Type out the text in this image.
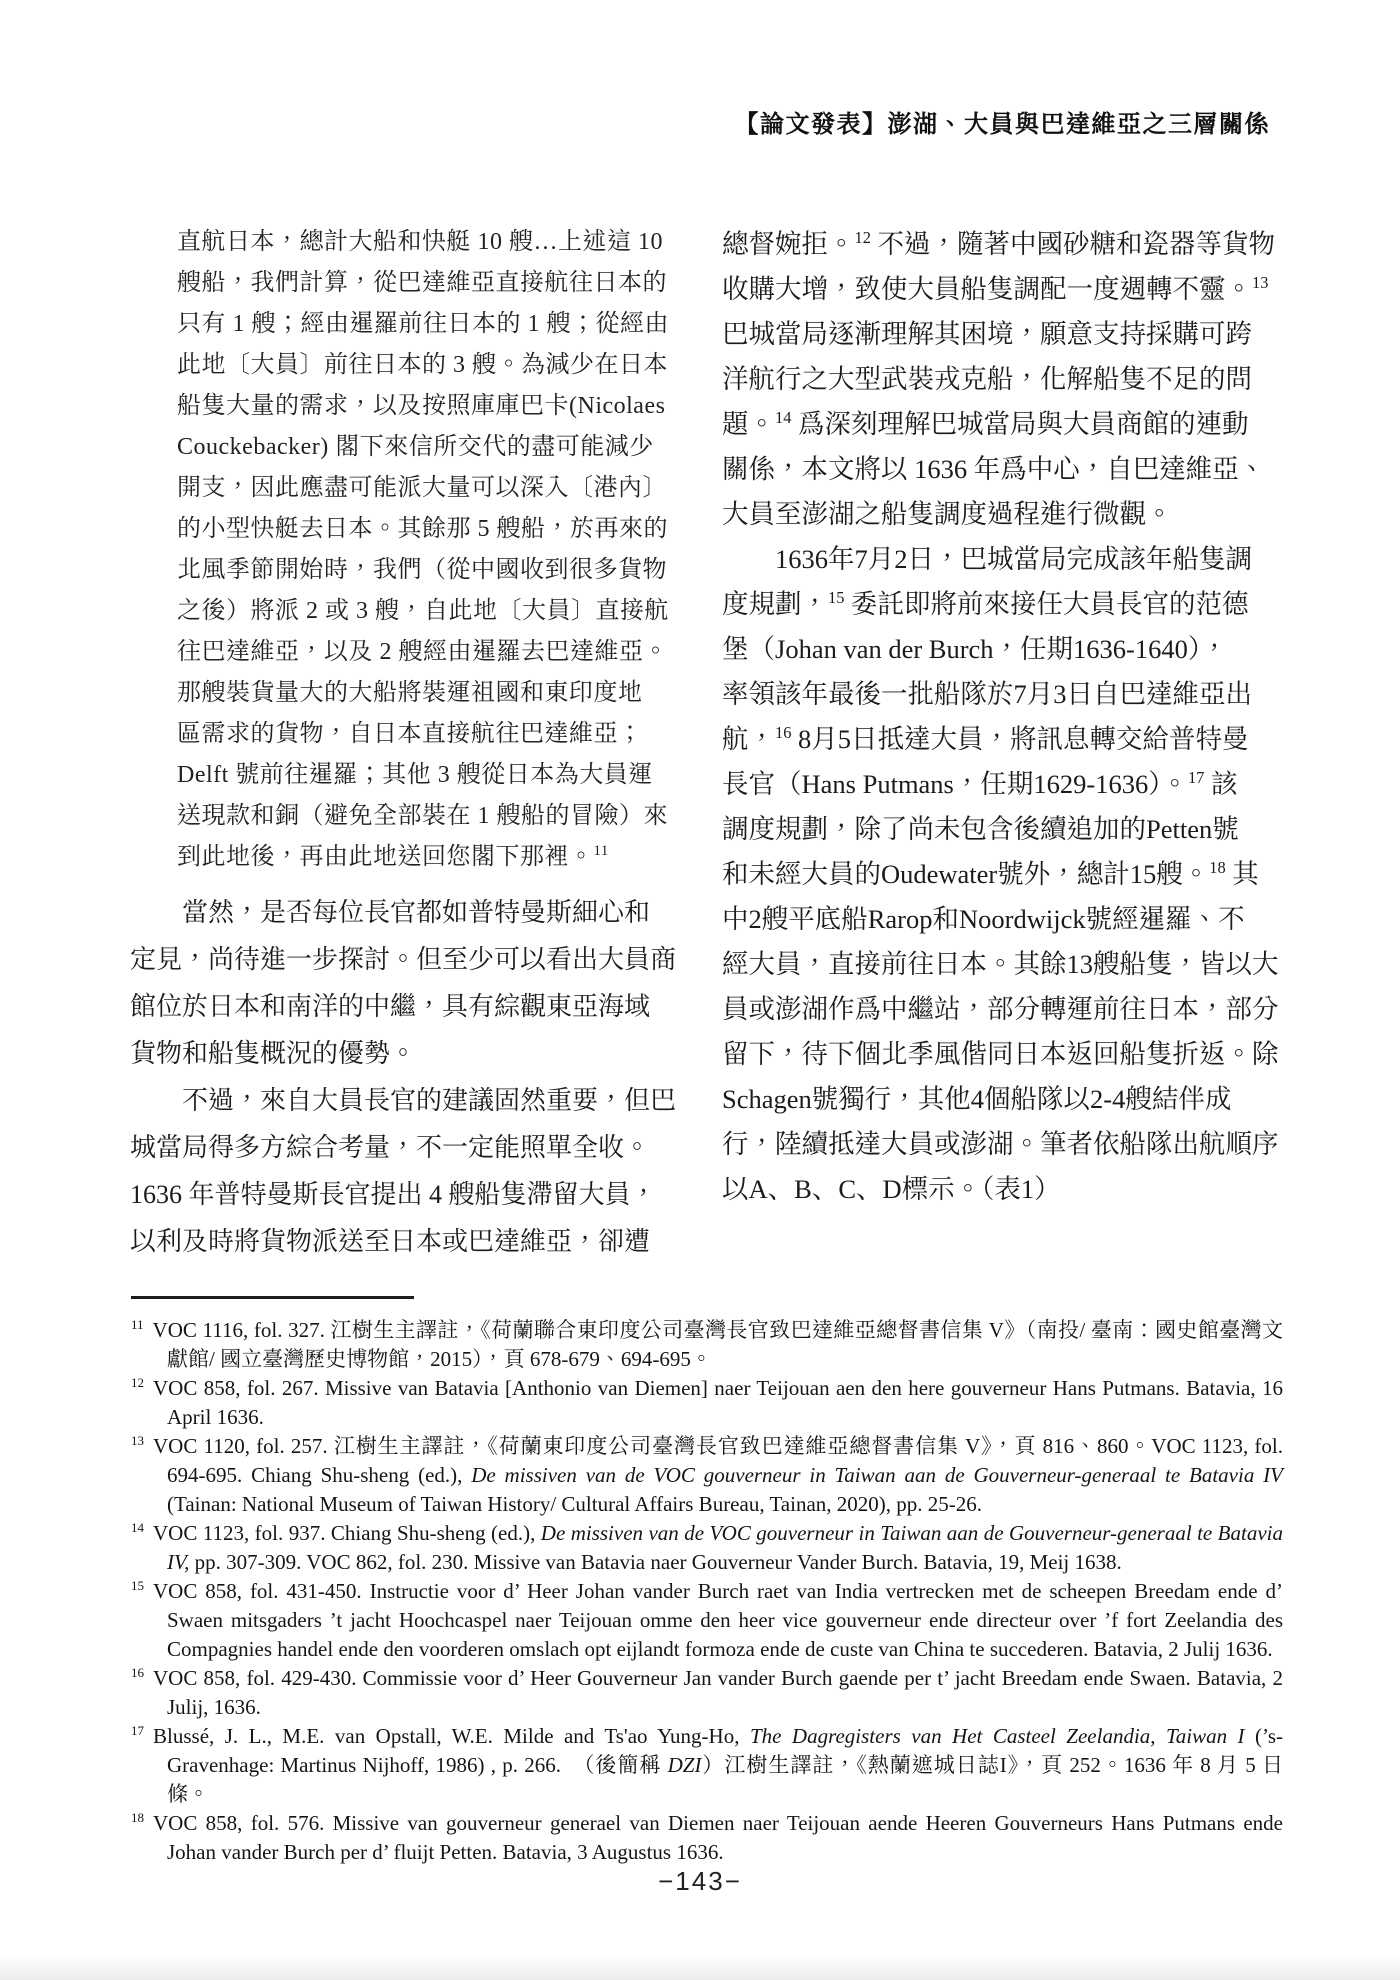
【論文發表】澎湖、大員與巴達維亞之三層關係
直航日本，總計大船和快艇 10 艘…上述這 10
艘船，我們計算，從巴達維亞直接航往日本的
只有 1 艘；經由暹羅前往日本的 1 艘；從經由
此地〔大員〕前往日本的 3 艘。為減少在日本
船隻大量的需求，以及按照庫庫巴卡(Nicolaes
Couckebacker) 閣下來信所交代的盡可能減少
開支，因此應盡可能派大量可以深入〔港內〕
的小型快艇去日本。其餘那 5 艘船，於再來的
北風季節開始時，我們（從中國收到很多貨物
之後）將派 2 或 3 艘，自此地〔大員〕直接航
往巴達維亞，以及 2 艘經由暹羅去巴達維亞。
那艘裝貨量大的大船將裝運祖國和東印度地
區需求的貨物，自日本直接航往巴達維亞；
Delft 號前往暹羅；其他 3 艘從日本為大員運
送現款和銅（避免全部裝在 1 艘船的冒險）來
到此地後，再由此地送回您閣下那裡。$^{11}$
　　當然，是否每位長官都如普特曼斯細心和
定見，尚待進一步探討。但至少可以看出大員商
館位於日本和南洋的中繼，具有綜觀東亞海域
貨物和船隻概況的優勢。
　　不過，來自大員長官的建議固然重要，但巴
城當局得多方綜合考量，不一定能照單全收。
1636 年普特曼斯長官提出 4 艘船隻滯留大員，
以利及時將貨物派送至日本或巴達維亞，卻遭
總督婉拒。$^{12}$ 不過，隨著中國砂糖和瓷器等貨物
收購大增，致使大員船隻調配一度週轉不靈。$^{13}$
巴城當局逐漸理解其困境，願意支持採購可跨
洋航行之大型武裝戎克船，化解船隻不足的問
題。$^{14}$ 爲深刻理解巴城當局與大員商館的連動
關係，本文將以 1636 年爲中心，自巴達維亞、
大員至澎湖之船隻調度過程進行微觀。
　　1636年7月2日，巴城當局完成該年船隻調
度規劃，$^{15}$ 委託即將前來接任大員長官的范德
堡（Johan van der Burch，任期1636-1640），
率領該年最後一批船隊於7月3日自巴達維亞出
航，$^{16}$ 8月5日抵達大員，將訊息轉交給普特曼
長官（Hans Putmans，任期1629-1636）。$^{17}$ 該
調度規劃，除了尚未包含後續追加的Petten號
和未經大員的Oudewater號外，總計15艘。$^{18}$ 其
中2艘平底船Rarop和Noordwijck號經暹羅、不
經大員，直接前往日本。其餘13艘船隻，皆以大
員或澎湖作爲中繼站，部分轉運前往日本，部分
留下，待下個北季風偕同日本返回船隻折返。除
Schagen號獨行，其他4個船隊以2-4艘結伴成
行，陸續抵達大員或澎湖。筆者依船隊出航順序
以A、B、C、D標示。（表1）
$^{11}$ VOC 1116, fol. 327. 江樹生主譯註，《荷蘭聯合東印度公司臺灣長官致巴達維亞總督書信集 V》（南投/ 臺南：國史館臺灣文獻館/ 國立臺灣歷史博物館，2015），頁 678-679、694-695。
$^{12}$ VOC 858, fol. 267. Missive van Batavia [Anthonio van Diemen] naer Teijouan aen den here gouverneur Hans Putmans. Batavia, 16 April 1636.
$^{13}$ VOC 1120, fol. 257. 江樹生主譯註，《荷蘭東印度公司臺灣長官致巴達維亞總督書信集 V》，頁 816、860。VOC 1123, fol. 694-695. Chiang Shu-sheng (ed.), De missiven van de VOC gouverneur in Taiwan aan de Gouverneur-generaal te Batavia IV (Tainan: National Museum of Taiwan History/ Cultural Affairs Bureau, Tainan, 2020), pp. 25-26.
$^{14}$ VOC 1123, fol. 937. Chiang Shu-sheng (ed.), De missiven van de VOC gouverneur in Taiwan aan de Gouverneur-generaal te Batavia IV, pp. 307-309. VOC 862, fol. 230. Missive van Batavia naer Gouverneur Vander Burch. Batavia, 19, Meij 1638.
$^{15}$ VOC 858, fol. 431-450. Instructie voor d’ Heer Johan vander Burch raet van India vertrecken met de scheepen Breedam ende d’ Swaen mitsgaders ’t jacht Hoochcaspel naer Teijouan omme den heer vice gouverneur ende directeur over ’f fort Zeelandia des Compagnies handel ende den voorderen omslach opt eijlandt formoza ende de custe van China te succederen. Batavia, 2 Julij 1636.
$^{16}$ VOC 858, fol. 429-430. Commissie voor d’ Heer Gouverneur Jan vander Burch gaende per t’ jacht Breedam ende Swaen. Batavia, 2 Julij, 1636.
$^{17}$ Blussé, J. L., M.E. van Opstall, W.E. Milde and Ts'ao Yung-Ho, The Dagregisters van Het Casteel Zeelandia, Taiwan I (’s-Gravenhage: Martinus Nijhoff, 1986) , p. 266.　（後簡稱 DZI）江樹生譯註，《熱蘭遮城日誌I》，頁 252。1636 年 8 月 5 日條。
$^{18}$ VOC 858, fol. 576. Missive van gouverneur generael van Diemen naer Teijouan aende Heeren Gouverneurs Hans Putmans ende Johan vander Burch per d’ fluijt Petten. Batavia, 3 Augustus 1636.
−143−
